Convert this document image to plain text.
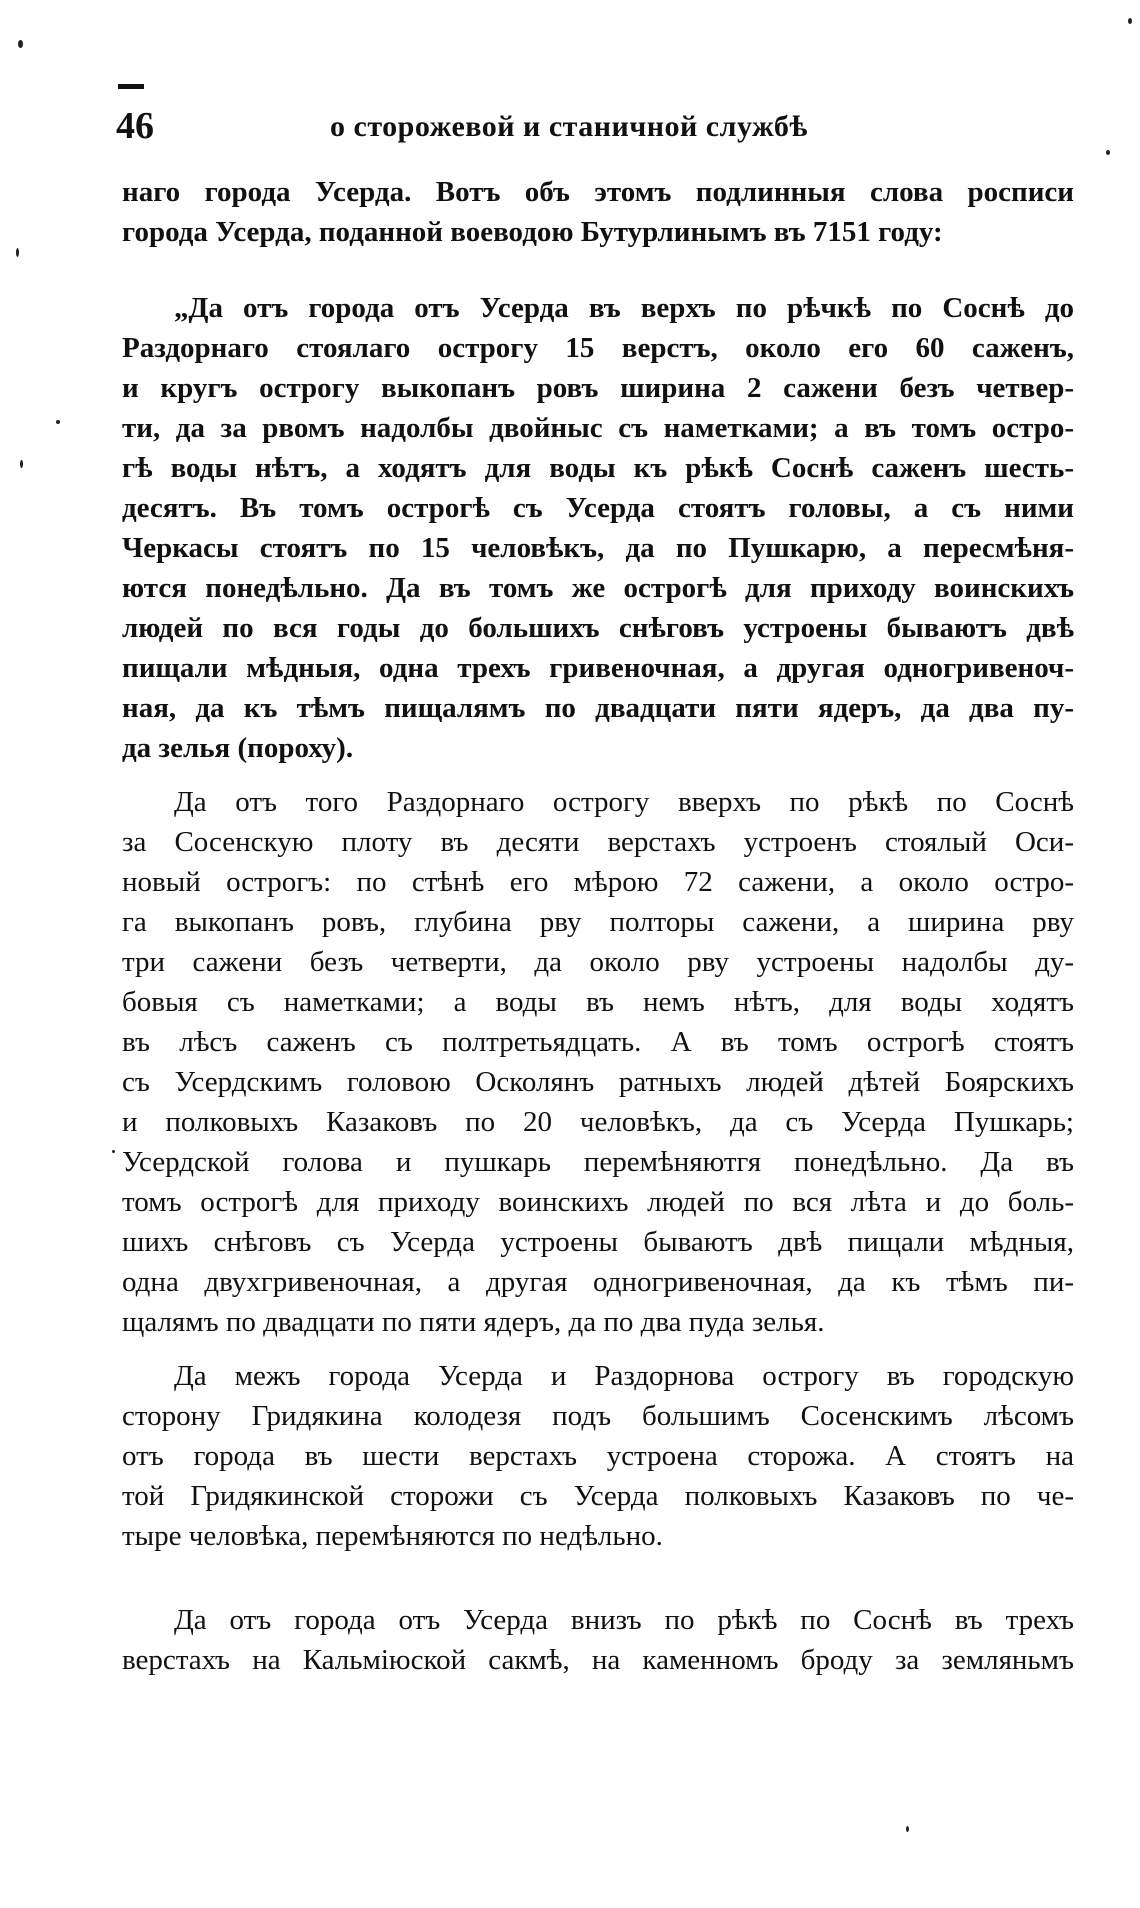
46	о сторожевой и станичной службѣ
наго города Усерда. Вотъ объ этомъ подлинныя слова росписи
города Усерда, поданной воеводою Бутурлинымъ въ 7151 году:
„Да отъ города отъ Усерда въ верхъ по рѣчкѣ по Соснѣ до
Раздорнаго стоялаго острогу 15 верстъ, около его 60 саженъ,
и кругъ острогу выкопанъ ровъ ширина 2 сажени безъ четвер-
ти, да за рвомъ надолбы двойныс съ наметками; а въ томъ остро-
гѣ воды нѣтъ, а ходятъ для воды къ рѣкѣ Соснѣ саженъ шесть-
десятъ. Въ томъ острогѣ съ Усерда стоятъ головы, а съ ними
Черкасы стоятъ по 15 человѣкъ, да по Пушкарю, а пересмѣня-
ются понедѣльно. Да въ томъ же острогѣ для приходу воинскихъ
людей по вся годы до большихъ снѣговъ устроены бываютъ двѣ
пищали мѣдныя, одна трехъ гривеночная, а другая одногривеноч-
ная, да къ тѣмъ пищалямъ по двадцати пяти ядеръ, да два пу-
да зелья (пороху).
Да отъ того Раздорнаго острогу вверхъ по рѣкѣ по Соснѣ
за Сосенскую плоту въ десяти верстахъ устроенъ стоялый Оси-
новый острогъ: по стѣнѣ его мѣрою 72 сажени, а около остро-
га выкопанъ ровъ, глубина рву полторы сажени, а ширина рву
три сажени безъ четверти, да около рву устроены надолбы ду-
бовыя съ наметками; а воды въ немъ нѣтъ, для воды ходятъ
въ лѣсъ саженъ съ полтретьядцать. А въ томъ острогѣ стоятъ
съ Усердскимъ головою Осколянъ ратныхъ людей дѣтей Боярскихъ
и полковыхъ Казаковъ по 20 человѣкъ, да съ Усерда Пушкарь;
Усердской голова и пушкарь перемѣняютгя понедѣльно. Да въ
томъ острогѣ для приходу воинскихъ людей по вся лѣта и до боль-
шихъ снѣговъ съ Усерда устроены бываютъ двѣ пищали мѣдныя,
одна двухгривеночная, а другая одногривеночная, да къ тѣмъ пи-
щалямъ по двадцати по пяти ядеръ, да по два пуда зелья.
Да межъ города Усерда и Раздорнова острогу въ городскую
сторону Гридякина колодезя подъ большимъ Сосенскимъ лѣсомъ
отъ города въ шести верстахъ устроена сторожа. А стоятъ на
той Гридякинской сторожи съ Усерда полковыхъ Казаковъ по че-
тыре человѣка, перемѣняются по недѣльно.
Да отъ города отъ Усерда внизъ по рѣкѣ по Соснѣ въ трехъ
верстахъ на Кальміюской сакмѣ, на каменномъ броду за земляньмъ
